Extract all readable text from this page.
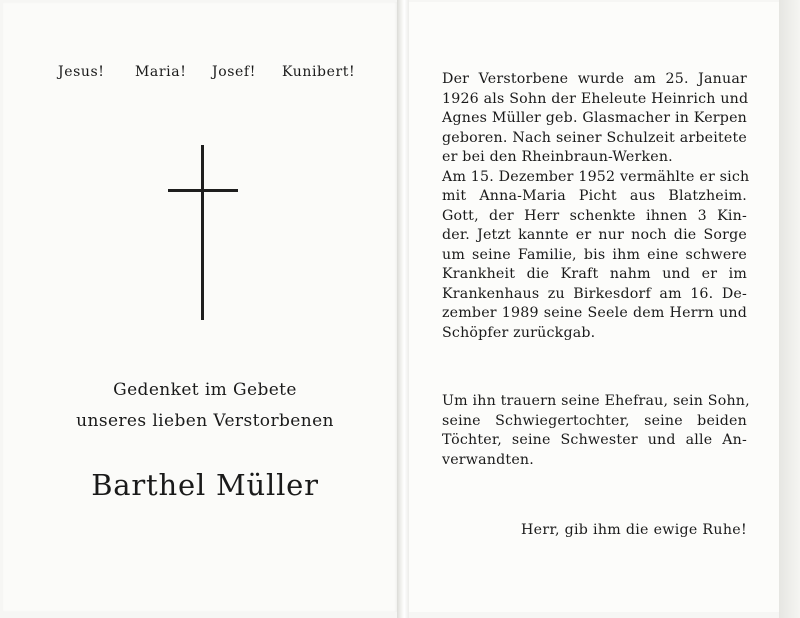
Jesus! Maria! Josef! Kunibert!
Gedenket im Gebete
unseres lieben Verstorbenen
Barthel Müller
Der Verstorbene wurde am 25. Januar
1926 als Sohn der Eheleute Heinrich und
Agnes Müller geb. Glasmacher in Kerpen
geboren. Nach seiner Schulzeit arbeitete
er bei den Rheinbraun-Werken.
Am 15. Dezember 1952 vermählte er sich
mit Anna-Maria Picht aus Blatzheim.
Gott, der Herr schenkte ihnen 3 Kin-
der. Jetzt kannte er nur noch die Sorge
um seine Familie, bis ihm eine schwere
Krankheit die Kraft nahm und er im
Krankenhaus zu Birkesdorf am 16. De-
zember 1989 seine Seele dem Herrn und
Schöpfer zurückgab.
Um ihn trauern seine Ehefrau, sein Sohn,
seine Schwiegertochter, seine beiden
Töchter, seine Schwester und alle An-
verwandten.
Herr, gib ihm die ewige Ruhe!
